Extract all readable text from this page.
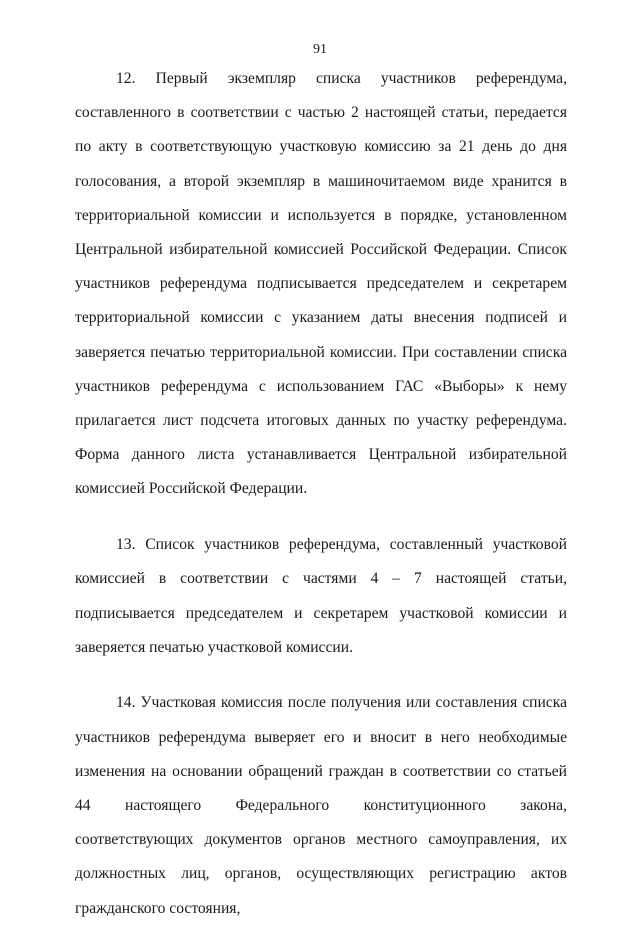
91

12. Первый экземпляр списка участников референдума, составленного в соответствии с частью 2 настоящей статьи, передается по акту в соответствующую участковую комиссию за 21 день до дня голосования, а второй экземпляр в машиночитаемом виде хранится в территориальной комиссии и используется в порядке, установленном Центральной избирательной комиссией Российской Федерации. Список участников референдума подписывается председателем и секретарем территориальной комиссии с указанием даты внесения подписей и заверяется печатью территориальной комиссии. При составлении списка участников референдума с использованием ГАС «Выборы» к нему прилагается лист подсчета итоговых данных по участку референдума. Форма данного листа устанавливается Центральной избирательной комиссией Российской Федерации.

13. Список участников референдума, составленный участковой комиссией в соответствии с частями 4 – 7 настоящей статьи, подписывается председателем и секретарем участковой комиссии и заверяется печатью участковой комиссии.

14. Участковая комиссия после получения или составления списка участников референдума выверяет его и вносит в него необходимые изменения на основании обращений граждан в соответствии со статьей 44 настоящего Федерального конституционного закона, соответствующих документов органов местного самоуправления, их должностных лиц, органов, осуществляющих регистрацию актов гражданского состояния,
